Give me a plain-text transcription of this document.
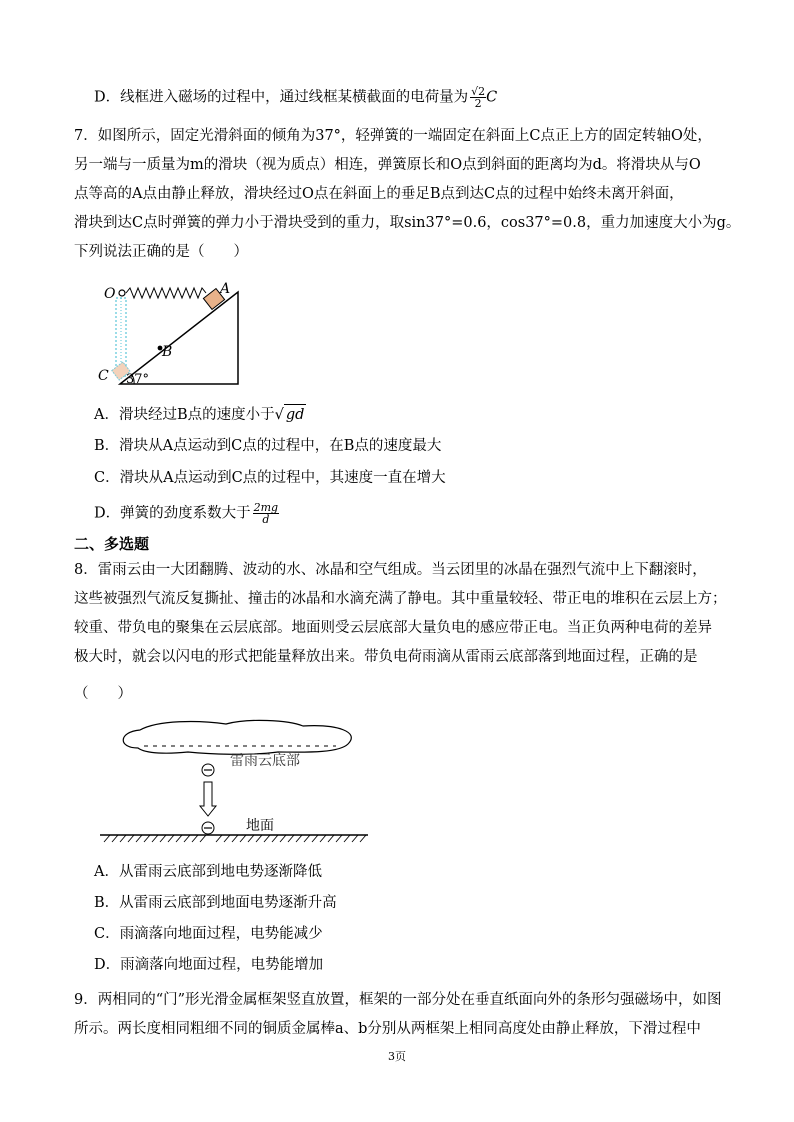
D．线框进入磁场的过程中，通过线框某横截面的电荷量为 $\frac{√2}{2}$ C
7．如图所示，固定光滑斜面的倾角为37°，轻弹簧的一端固定在斜面上C点正上方的固定转轴O处，
另一端与一质量为m的滑块（视为质点）相连，弹簧原长和O点到斜面的距离均为d。将滑块从与O
点等高的A点由静止释放，滑块经过O点在斜面上的垂足B点到达C点的过程中始终未离开斜面，
滑块到达C点时弹簧的弹力小于滑块受到的重力，取sin37°=0.6，cos37°=0.8，重力加速度大小为g。
下列说法正确的是（　　）
O	A
B
C 37°
A．滑块经过B点的速度小于√ gd
B．滑块从A点运动到C点的过程中，在B点的速度最大
C．滑块从A点运动到C点的过程中，其速度一直在增大
D．弹簧的劲度系数大于 $\frac{2mg}{d}$
二、多选题
8．雷雨云由一大团翻腾、波动的水、冰晶和空气组成。当云团里的冰晶在强烈气流中上下翻滚时，
这些被强烈气流反复撕扯、撞击的冰晶和水滴充满了静电。其中重量较轻、带正电的堆积在云层上方；
较重、带负电的聚集在云层底部。地面则受云层底部大量负电的感应带正电。当正负两种电荷的差异
极大时，就会以闪电的形式把能量释放出来。带负电荷雨滴从雷雨云底部落到地面过程，正确的是
（　　）
雷雨云底部
地面
A．从雷雨云底部到地电势逐渐降低
B．从雷雨云底部到地面电势逐渐升高
C．雨滴落向地面过程，电势能减少
D．雨滴落向地面过程，电势能增加
9．两相同的“门”形光滑金属框架竖直放置，框架的一部分处在垂直纸面向外的条形匀强磁场中，如图
所示。两长度相同粗细不同的铜质金属棒a、b分别从两框架上相同高度处由静止释放，下滑过程中
3页
